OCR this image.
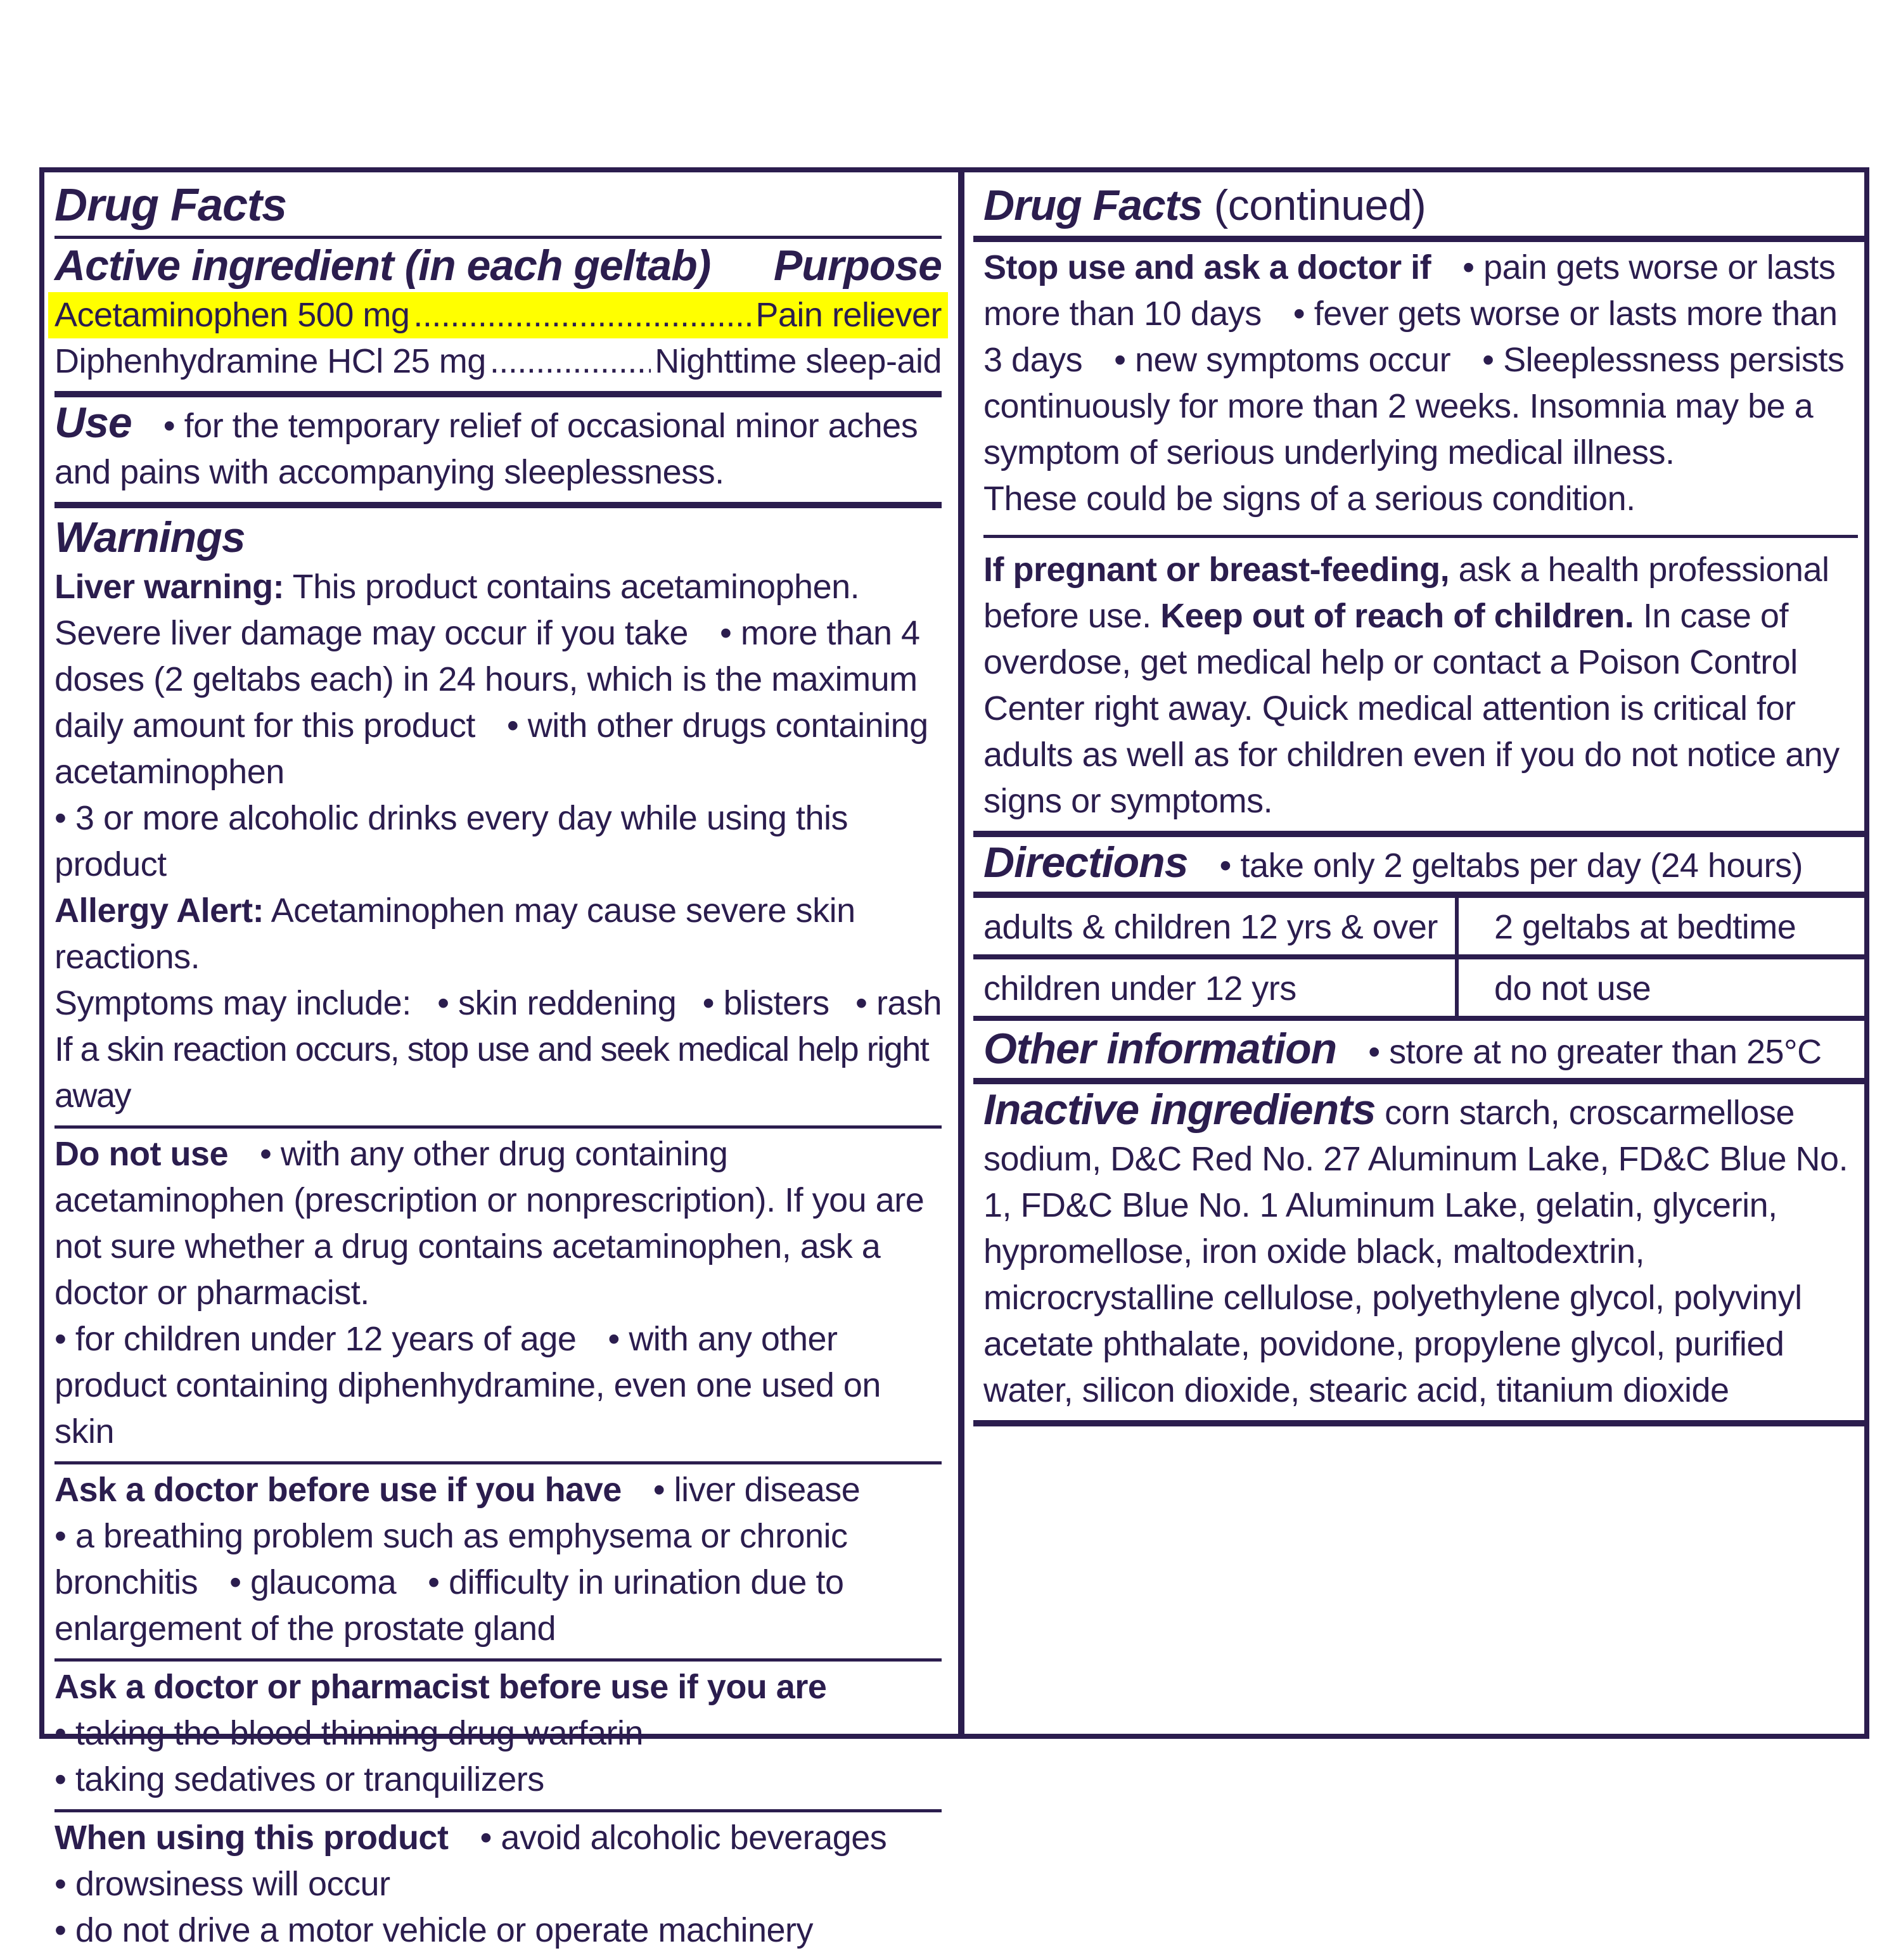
Drug Facts
Active ingredient (in each geltab) Purpose
Acetaminophen 500 mg .....	Pain reliever
Diphenhydramine HCl 25 mg .....	Nighttime sleep-aid
Use • for the temporary relief of occasional minor aches and pains with accompanying sleeplessness.
Warnings
Liver warning: This product contains acetaminophen. Severe liver damage may occur if you take • more than 4 doses (2 geltabs each) in 24 hours, which is the maximum daily amount for this product • with other drugs containing acetaminophen
• 3 or more alcoholic drinks every day while using this product
Allergy Alert: Acetaminophen may cause severe skin reactions.
Symptoms may include: • skin reddening • blisters • rash
If a skin reaction occurs, stop use and seek medical help right away
Do not use • with any other drug containing acetaminophen (prescription or nonprescription). If you are not sure whether a drug contains acetaminophen, ask a doctor or pharmacist.
• for children under 12 years of age • with any other product containing diphenhydramine, even one used on skin
Ask a doctor before use if you have • liver disease
• a breathing problem such as emphysema or chronic bronchitis • glaucoma • difficulty in urination due to enlargement of the prostate gland
Ask a doctor or pharmacist before use if you are
• taking the blood thinning drug warfarin
• taking sedatives or tranquilizers
When using this product • avoid alcoholic beverages
• drowsiness will occur
• do not drive a motor vehicle or operate machinery
Drug Facts (continued)
Stop use and ask a doctor if • pain gets worse or lasts more than 10 days • fever gets worse or lasts more than 3 days • new symptoms occur • Sleeplessness persists continuously for more than 2 weeks. Insomnia may be a symptom of serious underlying medical illness.
These could be signs of a serious condition.
If pregnant or breast-feeding, ask a health professional before use. Keep out of reach of children. In case of overdose, get medical help or contact a Poison Control Center right away. Quick medical attention is critical for adults as well as for children even if you do not notice any signs or symptoms.
Directions • take only 2 geltabs per day (24 hours)
adults & children 12 yrs & over	2 geltabs at bedtime
children under 12 yrs	do not use
Other information • store at no greater than 25°C
Inactive ingredients corn starch, croscarmellose sodium, D&C Red No. 27 Aluminum Lake, FD&C Blue No. 1, FD&C Blue No. 1 Aluminum Lake, gelatin, glycerin, hypromellose, iron oxide black, maltodextrin, microcrystalline cellulose, polyethylene glycol, polyvinyl acetate phthalate, povidone, propylene glycol, purified water, silicon dioxide, stearic acid, titanium dioxide
